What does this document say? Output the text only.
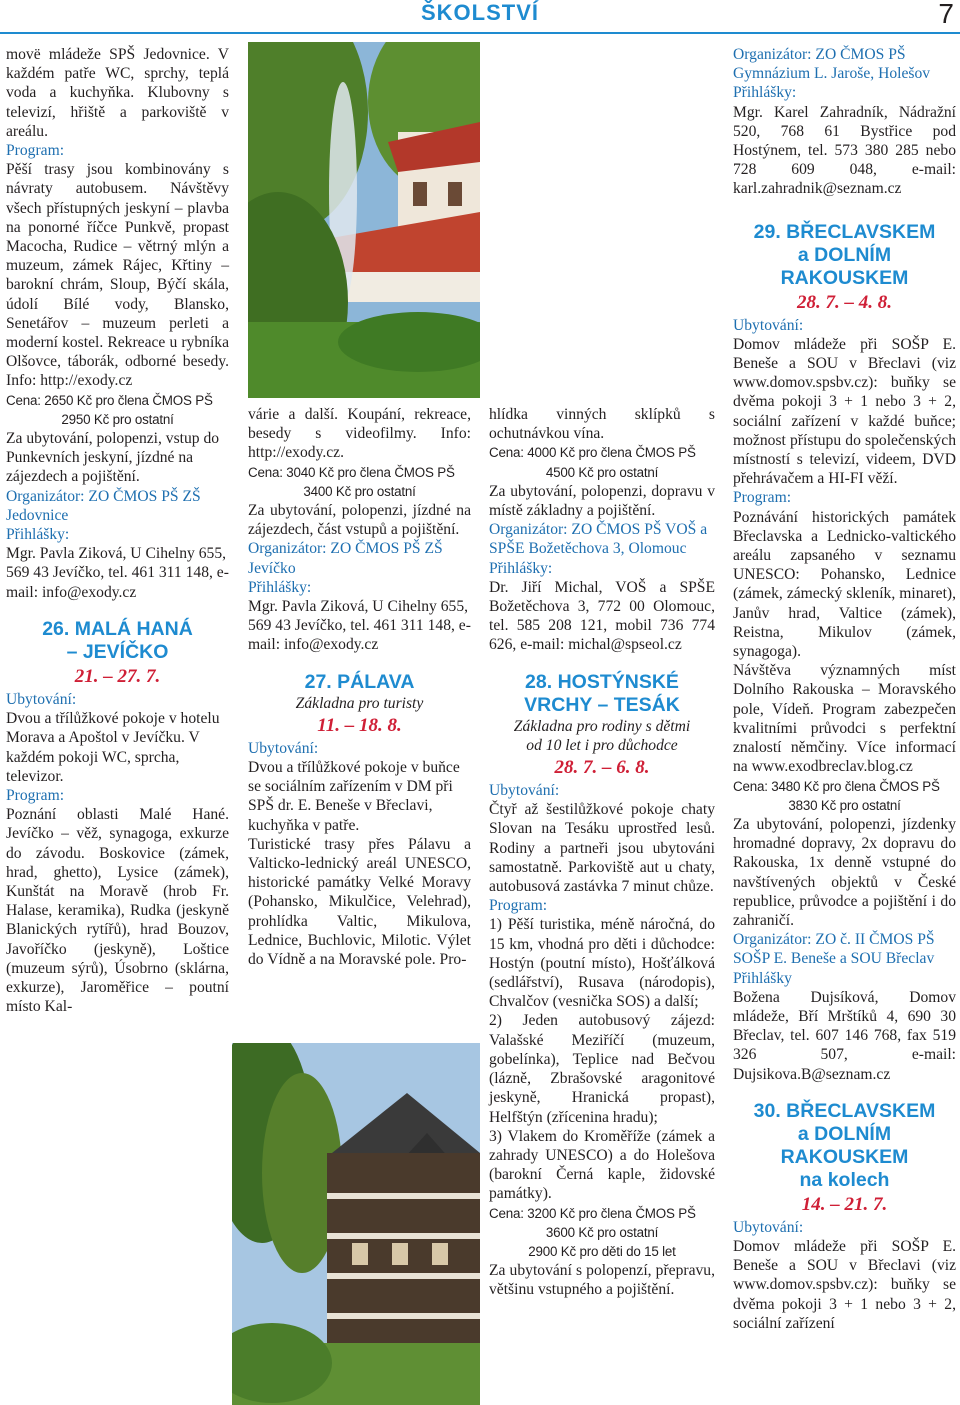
ŠKOLSTVÍ	7

movë mládeže SPŠ Jedovnice. V každém patře WC, sprchy, teplá voda a kuchyňka. Klubovny s televizí, hřiště a parkoviště v areálu.

Program:

Pěší trasy jsou kombinovány s návraty autobusem. Návštěvy všech přístupných jeskyní – plavba na ponorné říčce Punkvě, propast Macocha, Rudice – větrný mlýn a muzeum, zámek Rájec, Křtiny – barokní chrám, Sloup, Býčí skála, údolí Bílé vody, Blansko, Senetářov – muzeum perleti a moderní kostel. Rekreace u rybníka Olšovce, táborák, odborné besedy. Info: http://exody.cz

Cena: 2650 Kč pro člena ČMOS PŠ

2950 Kč pro ostatní

Za ubytování, polopenzi, vstup do Punkevních jeskyní, jízdné na zájezdech a pojištění.

Organizátor: ZO ČMOS PŠ ZŠ Jedovnice

Přihlášky:

Mgr. Pavla Ziková, U Cihelny 655, 569 43 Jevíčko, tel. 461 311 148, e-mail: info@exody.cz

26. MALÁ HANÁ

– JEVÍČKO

21. – 27. 7.

Ubytování:

Dvou a třílůžkové pokoje v hotelu Morava a Apoštol v Jevíčku. V každém pokoji WC, sprcha, televizor.

Program:

Poznání oblasti Malé Hané. Jevíčko – věž, synagoga, exkurze do závodu. Boskovice (zámek, hrad, ghetto), Lysice (zámek), Kunštát na Moravě (hrob Fr. Halase, keramika), Rudka (jeskyně Blanických rytířů), hrad Bouzov, Javoříčko (jeskyně), Loštice (muzeum sýrů), Úsobrno (sklárna, exkurze), Jaroměřice – poutní místo Kal-

várie a další. Koupání, rekreace, besedy s videofilmy. Info: http://exody.cz.

Cena: 3040 Kč pro člena ČMOS PŠ

3400 Kč pro ostatní

Za ubytování, polopenzi, jízdné na zájezdech, část vstupů a pojištění.

Organizátor: ZO ČMOS PŠ ZŠ Jevíčko

Přihlášky:

Mgr. Pavla Ziková, U Cihelny 655, 569 43 Jevíčko, tel. 461 311 148, e-mail: info@exody.cz

27. PÁLAVA

Základna pro turisty

11. – 18. 8.

Ubytování:

Dvou a třílůžkové pokoje v buňce se sociálním zařízením v DM při SPŠ dr. E. Beneše v Břeclavi, kuchyňka v patře.

Turistické trasy přes Pálavu a Valticko-lednický areál UNESCO, historické památky Velké Moravy (Pohansko, Mikulčice, Velehrad), prohlídka Valtic, Mikulova, Lednice, Buchlovic, Milotic. Výlet do Vídně a na Moravské pole. Pro-

hlídka vinných sklípků s ochutnávkou vína.

Cena: 4000 Kč pro člena ČMOS PŠ

4500 Kč pro ostatní

Za ubytování, polopenzi, dopravu v místě základny a pojištění.

Organizátor: ZO ČMOS PŠ VOŠ a SPŠE Božetěchova 3, Olomouc

Přihlášky:

Dr. Jiří Michal, VOŠ a SPŠE Božetěchova 3, 772 00 Olomouc, tel. 585 208 121, mobil 736 774 626, e-mail: michal@spseol.cz

28. HOSTÝNSKÉ

VRCHY – TESÁK

Základna pro rodiny s dětmi

od 10 let i pro důchodce

28. 7. – 6. 8.

Ubytování:

Čtyř až šestilůžkové pokoje chaty Slovan na Tesáku uprostřed lesů. Rodiny a partneři jsou ubytováni samostatně. Parkoviště aut u chaty, autobusová zastávka 7 minut chůze.

Program:

1) Pěší turistika, méně náročná, do 15 km, vhodná pro děti i důchodce: Hostýn (poutní místo), Hošťálková (sedlářství), Rusava (národopis), Chvalčov (vesnička SOS) a další;

2) Jeden autobusový zájezd: Valašské Meziříčí (muzeum, gobelínka), Teplice nad Bečvou (lázně, Zbrašovské aragonitové jeskyně, Hranická propast), Helfštýn (zřícenina hradu);

3) Vlakem do Kroměříže (zámek a zahrady UNESCO) a do Holešova (barokní Černá kaple, židovské památky).

Cena: 3200 Kč pro člena ČMOS PŠ

3600 Kč pro ostatní

2900 Kč pro děti do 15 let

Za ubytování s polopenzí, přepravu, většinu vstupného a pojištění.

Organizátor: ZO ČMOS PŠ Gymnázium L. Jaroše, Holešov

Přihlášky:

Mgr. Karel Zahradník, Nádražní 520, 768 61 Bystřice pod Hostýnem, tel. 573 380 285 nebo 728 609 048, e-mail: karl.zahradnik@seznam.cz

29. BŘECLAVSKEM

a DOLNÍM

RAKOUSKEM

28. 7. – 4. 8.

Ubytování:

Domov mládeže při SOŠP E. Beneše a SOU v Břeclavi (viz www.domov.spsbv.cz): buňky se dvěma pokoji 3 + 1 nebo 3 + 2, sociální zařízení v každé buňce; možnost přístupu do společenských místností s televizí, videem, DVD přehrávačem a HI-FI věží.

Program:

Poznávání historických památek Břeclavska a Lednicko-valtického areálu zapsaného v seznamu UNESCO: Pohansko, Lednice (zámek, zámecký skleník, minaret), Janův hrad, Valtice (zámek), Reistna, Mikulov (zámek, synagoga).

Návštěva významných míst Dolního Rakouska – Moravského pole, Vídeň. Program zabezpečen kvalitními průvodci s perfektní znalostí němčiny. Více informací na www.exodbreclav.blog.cz

Cena: 3480 Kč pro člena ČMOS PŠ

3830 Kč pro ostatní

Za ubytování, polopenzi, jízdenky hromadné dopravy, 2x dopravu do Rakouska, 1x denně vstupné do navštívených objektů v České republice, průvodce a pojištění i do zahraničí.

Organizátor: ZO č. II ČMOS PŠ SOŠP E. Beneše a SOU Břeclav

Přihlášky

Božena Dujsíková, Domov mládeže, Bří Mrštíků 4, 690 30 Břeclav, tel. 607 146 768, fax 519 326 507, e-mail: Dujsikova.B@seznam.cz

30. BŘECLAVSKEM

a DOLNÍM

RAKOUSKEM

na kolech

14. – 21. 7.

Ubytování:

Domov mládeže při SOŠP E. Beneše a SOU v Břeclavi (viz www.domov.spsbv.cz): buňky se dvěma pokoji 3 + 1 nebo 3 + 2, sociální zařízení
